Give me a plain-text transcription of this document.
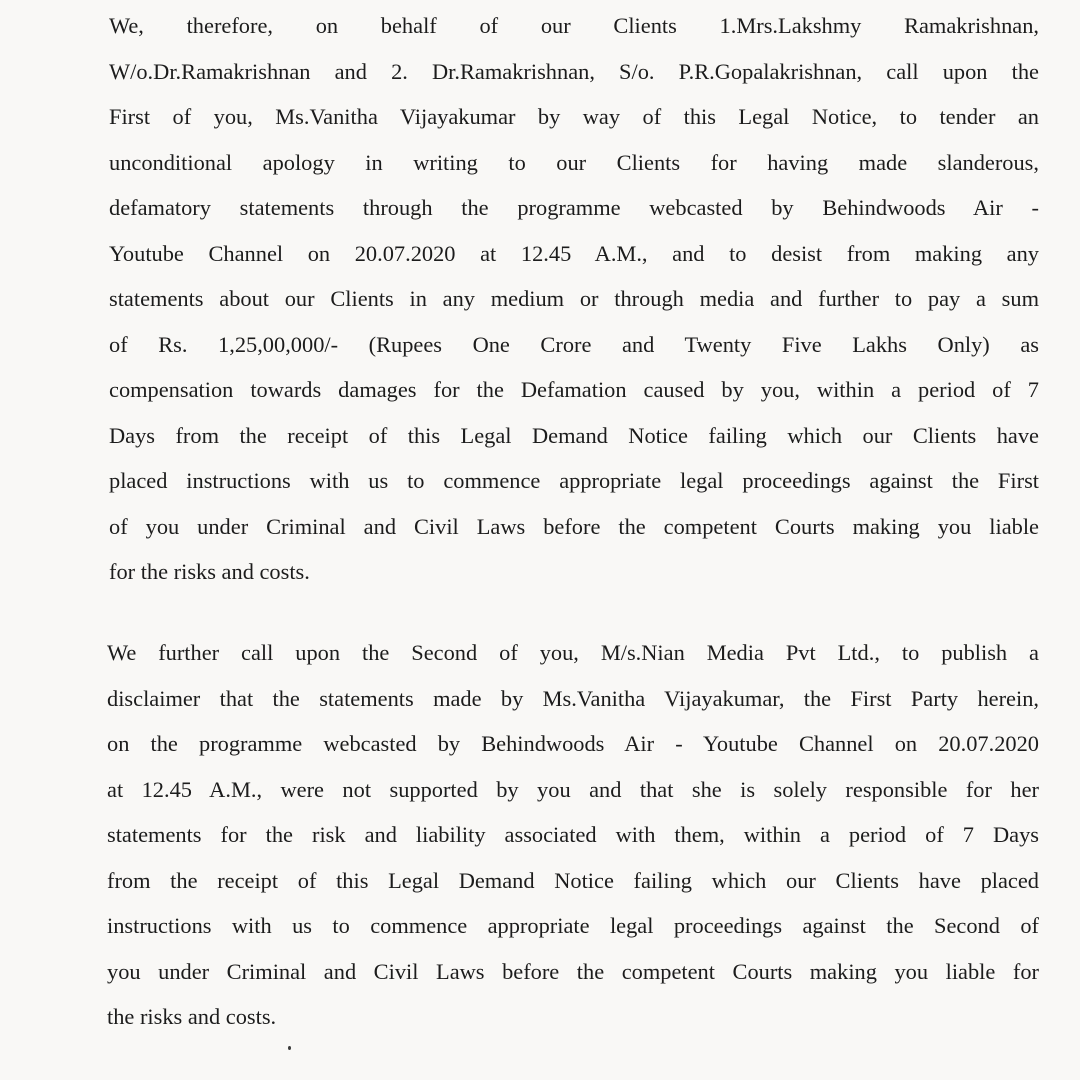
We, therefore, on behalf of our Clients 1.Mrs.Lakshmy Ramakrishnan,
W/o.Dr.Ramakrishnan and 2. Dr.Ramakrishnan, S/o. P.R.Gopalakrishnan, call upon the
First of you, Ms.Vanitha Vijayakumar by way of this Legal Notice, to tender an
unconditional apology in writing to our Clients for having made slanderous,
defamatory statements through the programme webcasted by Behindwoods Air -
Youtube Channel on 20.07.2020 at 12.45 A.M., and to desist from making any
statements about our Clients in any medium or through media and further to pay a sum
of Rs. 1,25,00,000/- (Rupees One Crore and Twenty Five Lakhs Only) as
compensation towards damages for the Defamation caused by you, within a period of 7
Days from the receipt of this Legal Demand Notice failing which our Clients have
placed instructions with us to commence appropriate legal proceedings against the First
of you under Criminal and Civil Laws before the competent Courts making you liable
for the risks and costs.
We further call upon the Second of you, M/s.Nian Media Pvt Ltd., to publish a
disclaimer that the statements made by Ms.Vanitha Vijayakumar, the First Party herein,
on the programme webcasted by Behindwoods Air - Youtube Channel on 20.07.2020
at 12.45 A.M., were not supported by you and that she is solely responsible for her
statements for the risk and liability associated with them, within a period of 7 Days
from the receipt of this Legal Demand Notice failing which our Clients have placed
instructions with us to commence appropriate legal proceedings against the Second of
you under Criminal and Civil Laws before the competent Courts making you liable for
the risks and costs.
